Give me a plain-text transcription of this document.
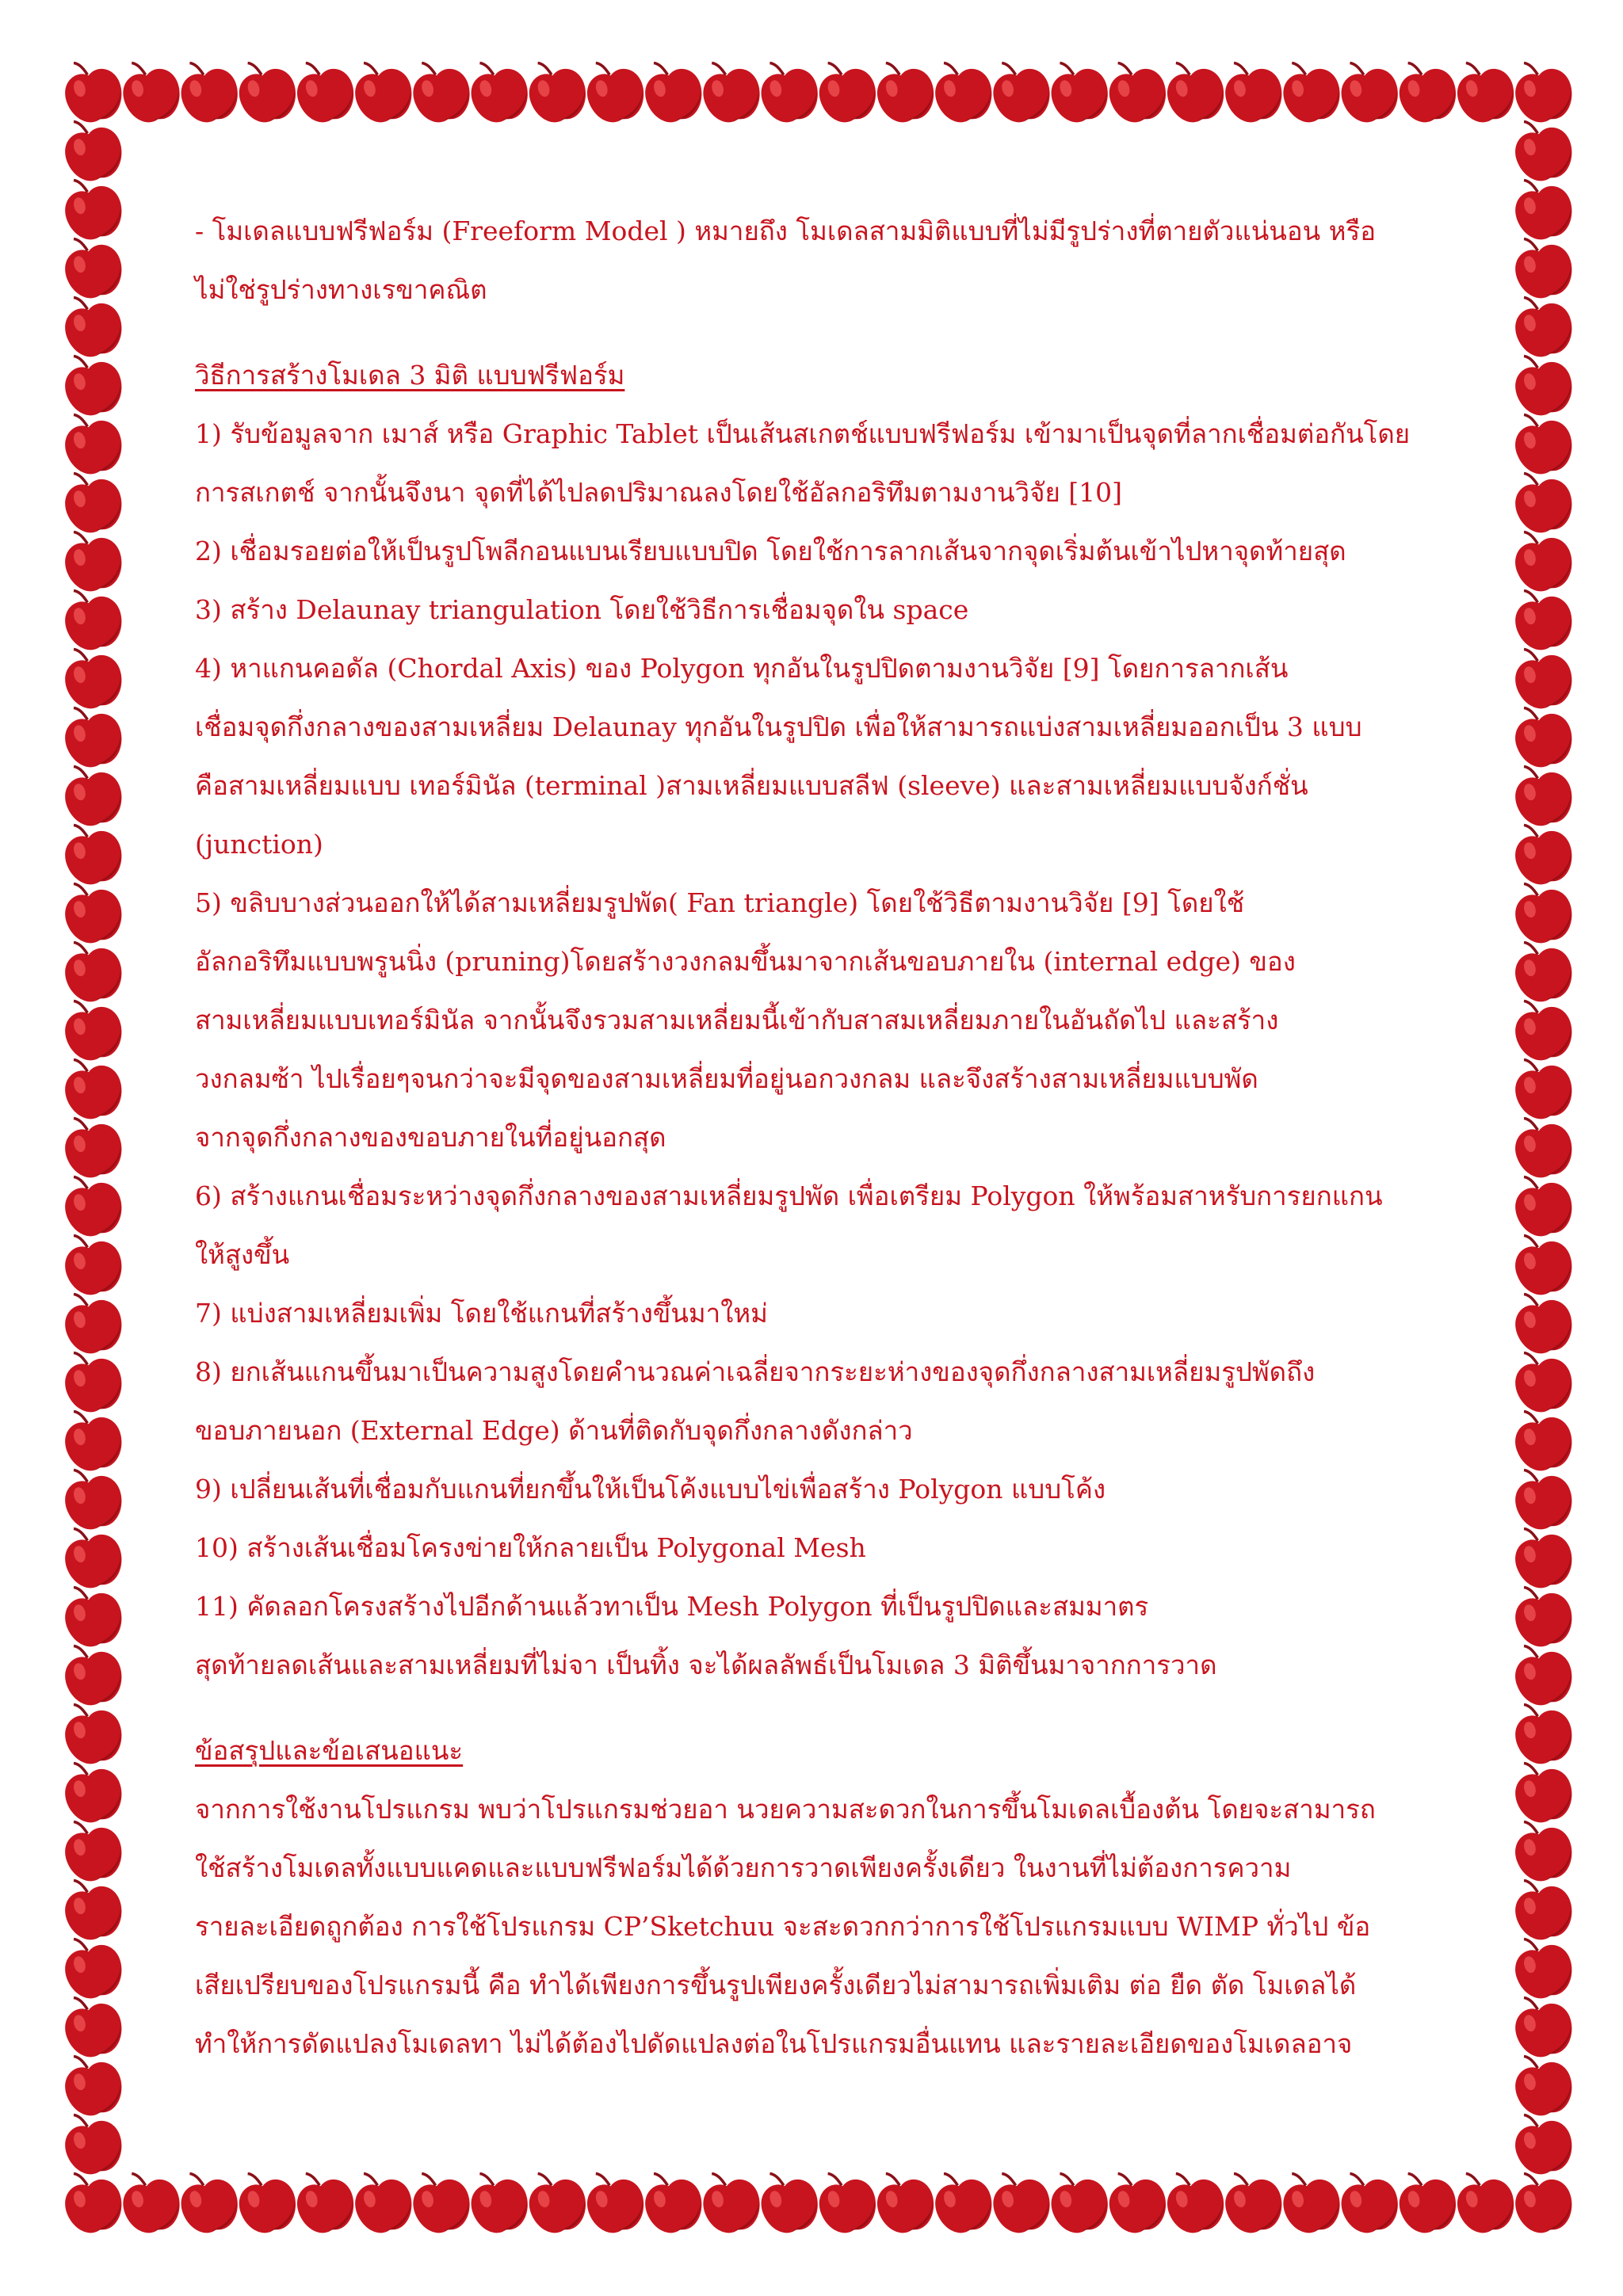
- โมเดลแบบฟรีฟอร์ม (Freeform Model ) หมายถึง โมเดลสามมิติแบบที่ไม่มีรูปร่างที่ตายตัวแน่นอน หรือ

ไม่ใช่รูปร่างทางเรขาคณิต

วิธีการสร้างโมเดล 3 มิติ แบบฟรีฟอร์ม

1) รับข้อมูลจาก เมาส์ หรือ Graphic Tablet เป็นเส้นสเกตช์แบบฟรีฟอร์ม เข้ามาเป็นจุดที่ลากเชื่อมต่อกันโดย

การสเกตช์ จากนั้นจึงนา จุดที่ได้ไปลดปริมาณลงโดยใช้อัลกอริทึมตามงานวิจัย [10]

2) เชื่อมรอยต่อให้เป็นรูปโพลีกอนแบนเรียบแบบปิด โดยใช้การลากเส้นจากจุดเริ่มต้นเข้าไปหาจุดท้ายสุด

3) สร้าง Delaunay triangulation โดยใช้วิธีการเชื่อมจุดใน space

4) หาแกนคอดัล (Chordal Axis) ของ Polygon ทุกอันในรูปปิดตามงานวิจัย [9] โดยการลากเส้น

เชื่อมจุดกึ่งกลางของสามเหลี่ยม Delaunay ทุกอันในรูปปิด เพื่อให้สามารถแบ่งสามเหลี่ยมออกเป็น 3 แบบ

คือสามเหลี่ยมแบบ เทอร์มินัล (terminal )สามเหลี่ยมแบบสลีฟ (sleeve) และสามเหลี่ยมแบบจังก์ชั่น

(junction)

5) ขลิบบางส่วนออกให้ได้สามเหลี่ยมรูปพัด( Fan triangle) โดยใช้วิธีตามงานวิจัย [9] โดยใช้

อัลกอริทึมแบบพรูนนิ่ง (pruning)โดยสร้างวงกลมขึ้นมาจากเส้นขอบภายใน (internal edge) ของ

สามเหลี่ยมแบบเทอร์มินัล จากนั้นจึงรวมสามเหลี่ยมนี้เข้ากับสาสมเหลี่ยมภายในอันถัดไป และสร้าง

วงกลมซ้า ไปเรื่อยๆจนกว่าจะมีจุดของสามเหลี่ยมที่อยู่นอกวงกลม และจึงสร้างสามเหลี่ยมแบบพัด

จากจุดกึ่งกลางของขอบภายในที่อยู่นอกสุด

6) สร้างแกนเชื่อมระหว่างจุดกึ่งกลางของสามเหลี่ยมรูปพัด เพื่อเตรียม Polygon ให้พร้อมสาหรับการยกแกน

ให้สูงขึ้น

7) แบ่งสามเหลี่ยมเพิ่ม โดยใช้แกนที่สร้างขึ้นมาใหม่

8) ยกเส้นแกนขึ้นมาเป็นความสูงโดยคำนวณค่าเฉลี่ยจากระยะห่างของจุดกึ่งกลางสามเหลี่ยมรูปพัดถึง

ขอบภายนอก (External Edge) ด้านที่ติดกับจุดกึ่งกลางดังกล่าว

9) เปลี่ยนเส้นที่เชื่อมกับแกนที่ยกขึ้นให้เป็นโค้งแบบไข่เพื่อสร้าง Polygon แบบโค้ง

10) สร้างเส้นเชื่อมโครงข่ายให้กลายเป็น Polygonal Mesh

11) คัดลอกโครงสร้างไปอีกด้านแล้วทาเป็น Mesh Polygon ที่เป็นรูปปิดและสมมาตร

สุดท้ายลดเส้นและสามเหลี่ยมที่ไม่จา เป็นทิ้ง จะได้ผลลัพธ์เป็นโมเดล 3 มิติขึ้นมาจากการวาด

ข้อสรุปและข้อเสนอแนะ

จากการใช้งานโปรแกรม พบว่าโปรแกรมช่วยอา นวยความสะดวกในการขึ้นโมเดลเบื้องต้น โดยจะสามารถ

ใช้สร้างโมเดลทั้งแบบแคดและแบบฟรีฟอร์มได้ด้วยการวาดเพียงครั้งเดียว ในงานที่ไม่ต้องการความ

รายละเอียดถูกต้อง การใช้โปรแกรม CP’Sketchuu จะสะดวกกว่าการใช้โปรแกรมแบบ WIMP ทั่วไป ข้อ

เสียเปรียบของโปรแกรมนี้ คือ ทำได้เพียงการขึ้นรูปเพียงครั้งเดียวไม่สามารถเพิ่มเติม ต่อ ยืด ตัด โมเดลได้

ทำให้การดัดแปลงโมเดลทา ไม่ได้ต้องไปดัดแปลงต่อในโปรแกรมอื่นแทน และรายละเอียดของโมเดลอาจ
